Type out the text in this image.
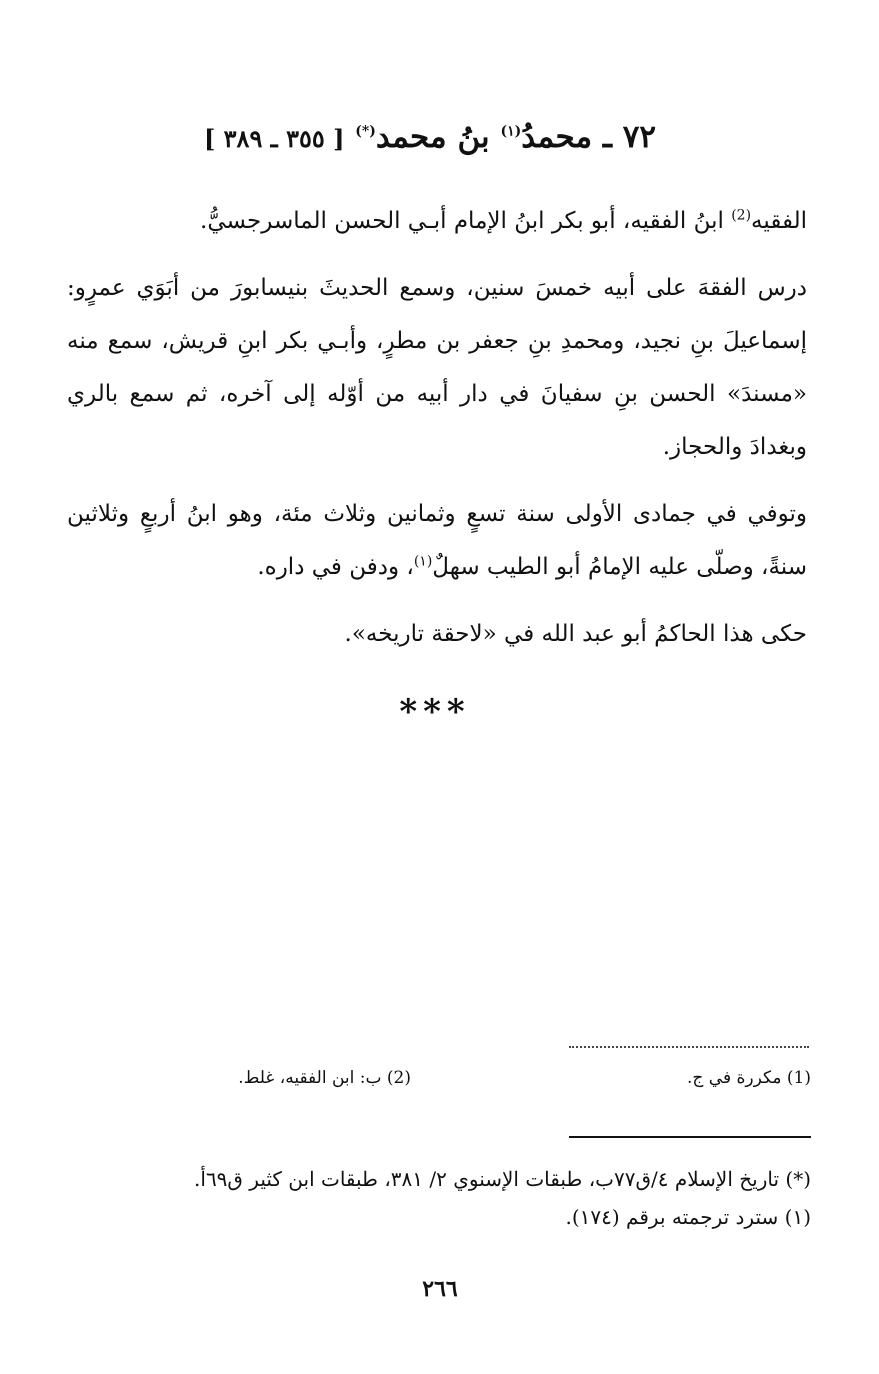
٧٢ ـ محمدُ$^{(١)}$ بنُ محمد(*) [ ٣٥٥ ـ ٣٨٩ ]

الفقيه$^{(2)}$ ابنُ الفقيه، أبو بكر ابنُ الإمام أبـي الحسن الماسرجسيُّ.

درس الفقهَ على أبيه خمسَ سنين، وسمع الحديثَ بنيسابورَ من أبَوَي عمرٍو: إسماعيلَ بنِ نجيد، ومحمدِ بنِ جعفر بن مطرٍ، وأبـي بكر ابنِ قريش، سمع منه «مسندَ» الحسن بنِ سفيانَ في دار أبيه من أوّله إلى آخره، ثم سمع بالري وبغدادَ والحجاز.

وتوفي في جمادى الأولى سنة تسعٍ وثمانين وثلاث مئة، وهو ابنُ أربعٍ وثلاثين سنةً، وصلّى عليه الإمامُ أبو الطيب سهلٌ$^{(١)}$، ودفن في داره.

حكى هذا الحاكمُ أبو عبد الله في «لاحقة تاريخه».

***
(1) مكررة في ج.
(2) ب: ابن الفقيه، غلط.
(*) تاريخ الإسلام ٤/ق٧٧ب، طبقات الإسنوي ٢/ ٣٨١، طبقات ابن كثير ق٦٩أ.
(١) سترد ترجمته برقم (١٧٤).
٢٦٦
